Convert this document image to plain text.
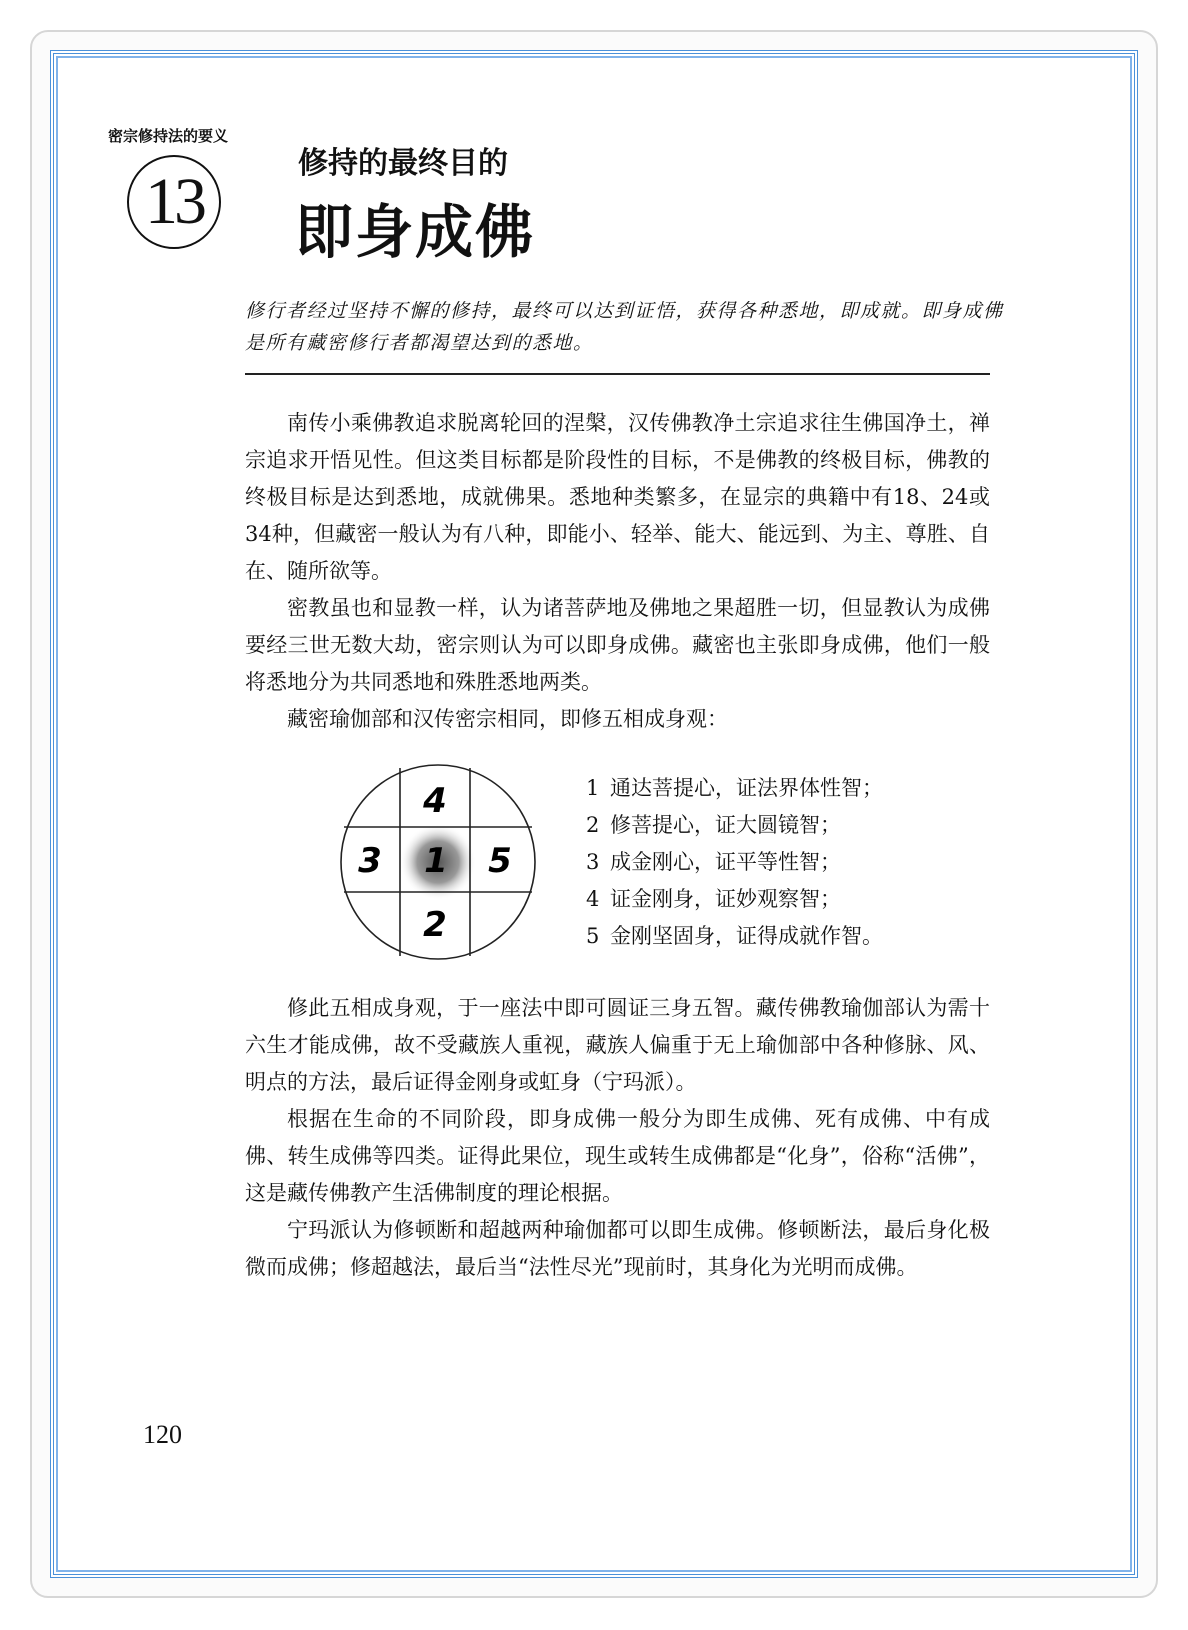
密宗修持法的要义
13
修持的最终目的
即身成佛
修行者经过坚持不懈的修持，最终可以达到证悟，获得各种悉地，即成就。即身成佛是所有藏密修行者都渴望达到的悉地。

南传小乘佛教追求脱离轮回的涅槃，汉传佛教净土宗追求往生佛国净土，禅宗追求开悟见性。但这类目标都是阶段性的目标，不是佛教的终极目标，佛教的终极目标是达到悉地，成就佛果。悉地种类繁多，在显宗的典籍中有18、24或34种，但藏密一般认为有八种，即能小、轻举、能大、能远到、为主、尊胜、自在、随所欲等。

密教虽也和显教一样，认为诸菩萨地及佛地之果超胜一切，但显教认为成佛要经三世无数大劫，密宗则认为可以即身成佛。藏密也主张即身成佛，他们一般将悉地分为共同悉地和殊胜悉地两类。

藏密瑜伽部和汉传密宗相同，即修五相成身观：

4
3 1 5
2
1 通达菩提心，证法界体性智；
2 修菩提心，证大圆镜智；
3 成金刚心，证平等性智；
4 证金刚身，证妙观察智；
5 金刚坚固身，证得成就作智。

修此五相成身观，于一座法中即可圆证三身五智。藏传佛教瑜伽部认为需十六生才能成佛，故不受藏族人重视，藏族人偏重于无上瑜伽部中各种修脉、风、明点的方法，最后证得金刚身或虹身（宁玛派）。

根据在生命的不同阶段，即身成佛一般分为即生成佛、死有成佛、中有成佛、转生成佛等四类。证得此果位，现生或转生成佛都是“化身”，俗称“活佛”，这是藏传佛教产生活佛制度的理论根据。

宁玛派认为修顿断和超越两种瑜伽都可以即生成佛。修顿断法，最后身化极微而成佛；修超越法，最后当“法性尽光”现前时，其身化为光明而成佛。

120
